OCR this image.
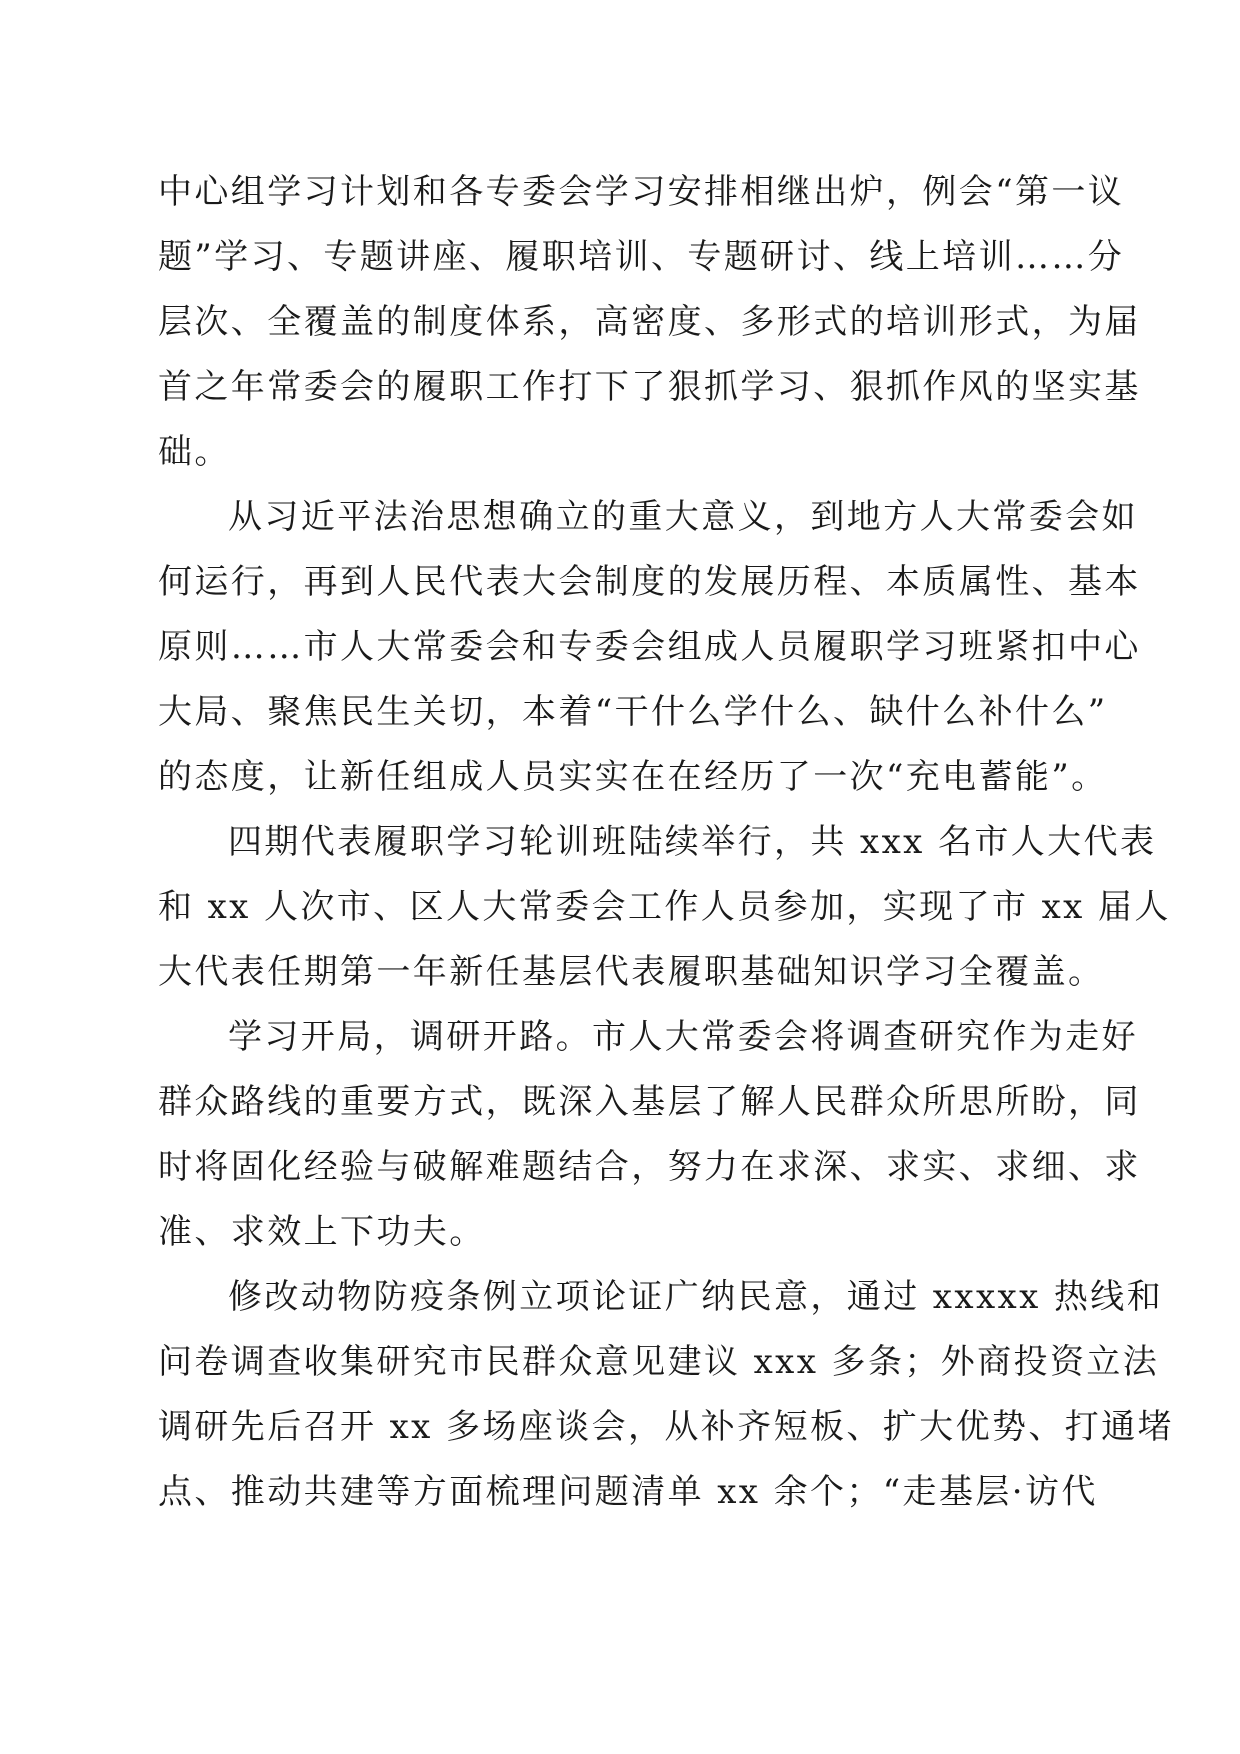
中心组学习计划和各专委会学习安排相继出炉，例会“第一议
题”学习、专题讲座、履职培训、专题研讨、线上培训……分
层次、全覆盖的制度体系，高密度、多形式的培训形式，为届
首之年常委会的履职工作打下了狠抓学习、狠抓作风的坚实基
础。
从习近平法治思想确立的重大意义，到地方人大常委会如
何运行，再到人民代表大会制度的发展历程、本质属性、基本
原则……市人大常委会和专委会组成人员履职学习班紧扣中心
大局、聚焦民生关切，本着“干什么学什么、缺什么补什么”
的态度，让新任组成人员实实在在经历了一次“充电蓄能”。
四期代表履职学习轮训班陆续举行，共 xxx 名市人大代表
和 xx 人次市、区人大常委会工作人员参加，实现了市 xx 届人
大代表任期第一年新任基层代表履职基础知识学习全覆盖。
学习开局，调研开路。市人大常委会将调查研究作为走好
群众路线的重要方式，既深入基层了解人民群众所思所盼，同
时将固化经验与破解难题结合，努力在求深、求实、求细、求
准、求效上下功夫。
修改动物防疫条例立项论证广纳民意，通过 xxxxx 热线和
问卷调查收集研究市民群众意见建议 xxx 多条；外商投资立法
调研先后召开 xx 多场座谈会，从补齐短板、扩大优势、打通堵
点、推动共建等方面梳理问题清单 xx 余个；“走基层·访代
